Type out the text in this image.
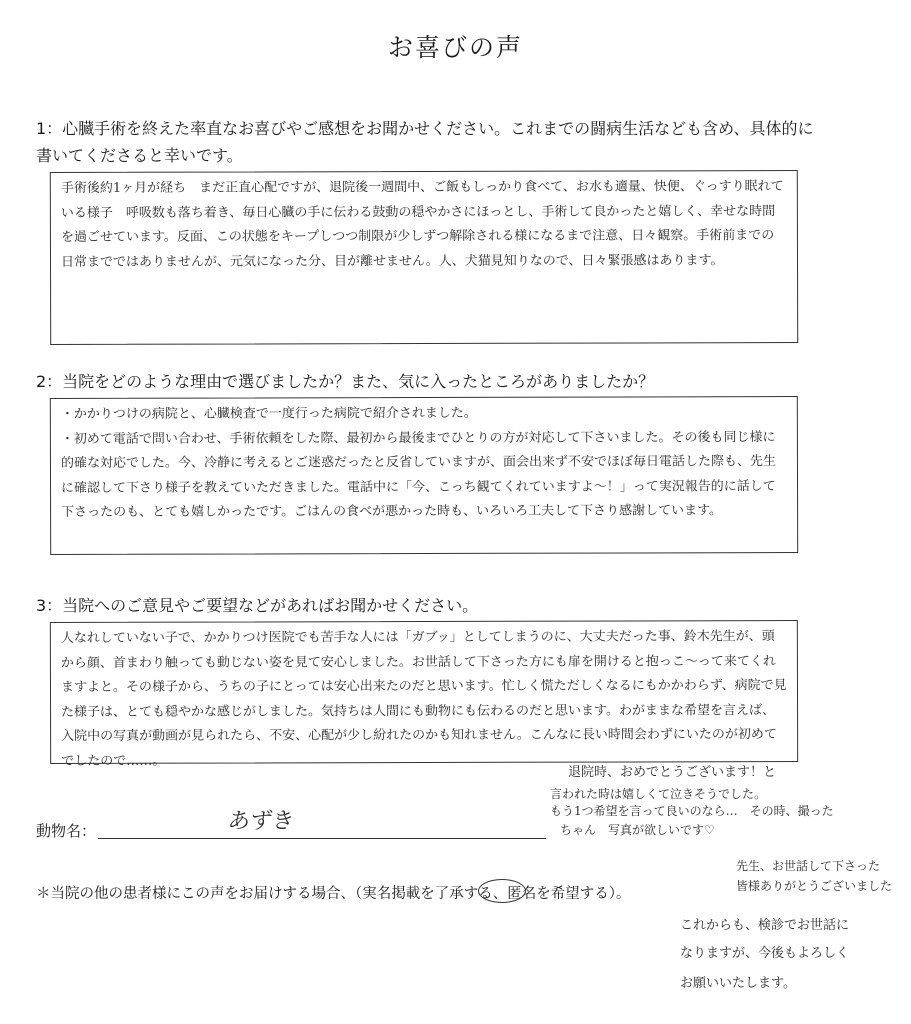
お喜びの声
1：心臓手術を終えた率直なお喜びやご感想をお聞かせください。これまでの闘病生活なども含め、具体的に書いてくださると幸いです。

手術後約1ヶ月が経ち　まだ正直心配ですが、退院後一週間中、ご飯もしっかり食べて、お水も適量、快便、ぐっすり眠れている様子　呼吸数も落ち着き、毎日心臓の手に伝わる鼓動の穏やかさにほっとし、手術して良かったと嬉しく、幸せな時間を過ごせています。反面、この状態をキープしつつ制限が少しずつ解除される様になるまで注意、日々観察。手術前までの日常までではありませんが、元気になった分、目が離せません。人、犬猫見知りなので、日々緊張感はあります。

2：当院をどのような理由で選びましたか？また、気に入ったところがありましたか？

・かかりつけの病院と、心臓検査で一度行った病院で紹介されました。

・初めて電話で問い合わせ、手術依頼をした際、最初から最後までひとりの方が対応して下さいました。その後も同じ様に的確な対応でした。今、冷静に考えるとご迷惑だったと反省していますが、面会出来ず不安でほぼ毎日電話した際も、先生に確認して下さり様子を教えていただきました。電話中に「今、こっち観てくれていますよ～！」って実況報告的に話して下さったのも、とても嬉しかったです。ごはんの食べが悪かった時も、いろいろ工夫して下さり感謝しています。

3：当院へのご意見やご要望などがあればお聞かせください。

人なれしていない子で、かかりつけ医院でも苦手な人には「ガブッ」としてしまうのに、大丈夫だった事、鈴木先生が、頭から顔、首まわり触っても動じない姿を見て安心しました。お世話して下さった方にも扉を開けると抱っこ～って来てくれますよと。その様子から、うちの子にとっては安心出来たのだと思います。忙しく慌ただしくなるにもかかわらず、病院で見た様子は、とても穏やかな感じがしました。気持ちは人間にも動物にも伝わるのだと思います。わがままな希望を言えば、入院中の写真が動画が見られたら、不安、心配が少し紛れたのかも知れません。こんなに長い時間会わずにいたのが初めてでしたので……。

退院時、おめでとうございます！と
言われた時は嬉しくて泣きそうでした。
もう1つ希望を言って良いのなら…　その時、撮った
ちゃん　写真が欲しいです♡
動物名：	あずき
＊当院の他の患者様にこの声をお届けする場合、（実名掲載を了承する、匿名を希望する）。
先生、お世話して下さった
皆様ありがとうございました
これからも、検診でお世話に
なりますが、今後もよろしく
お願いいたします。
